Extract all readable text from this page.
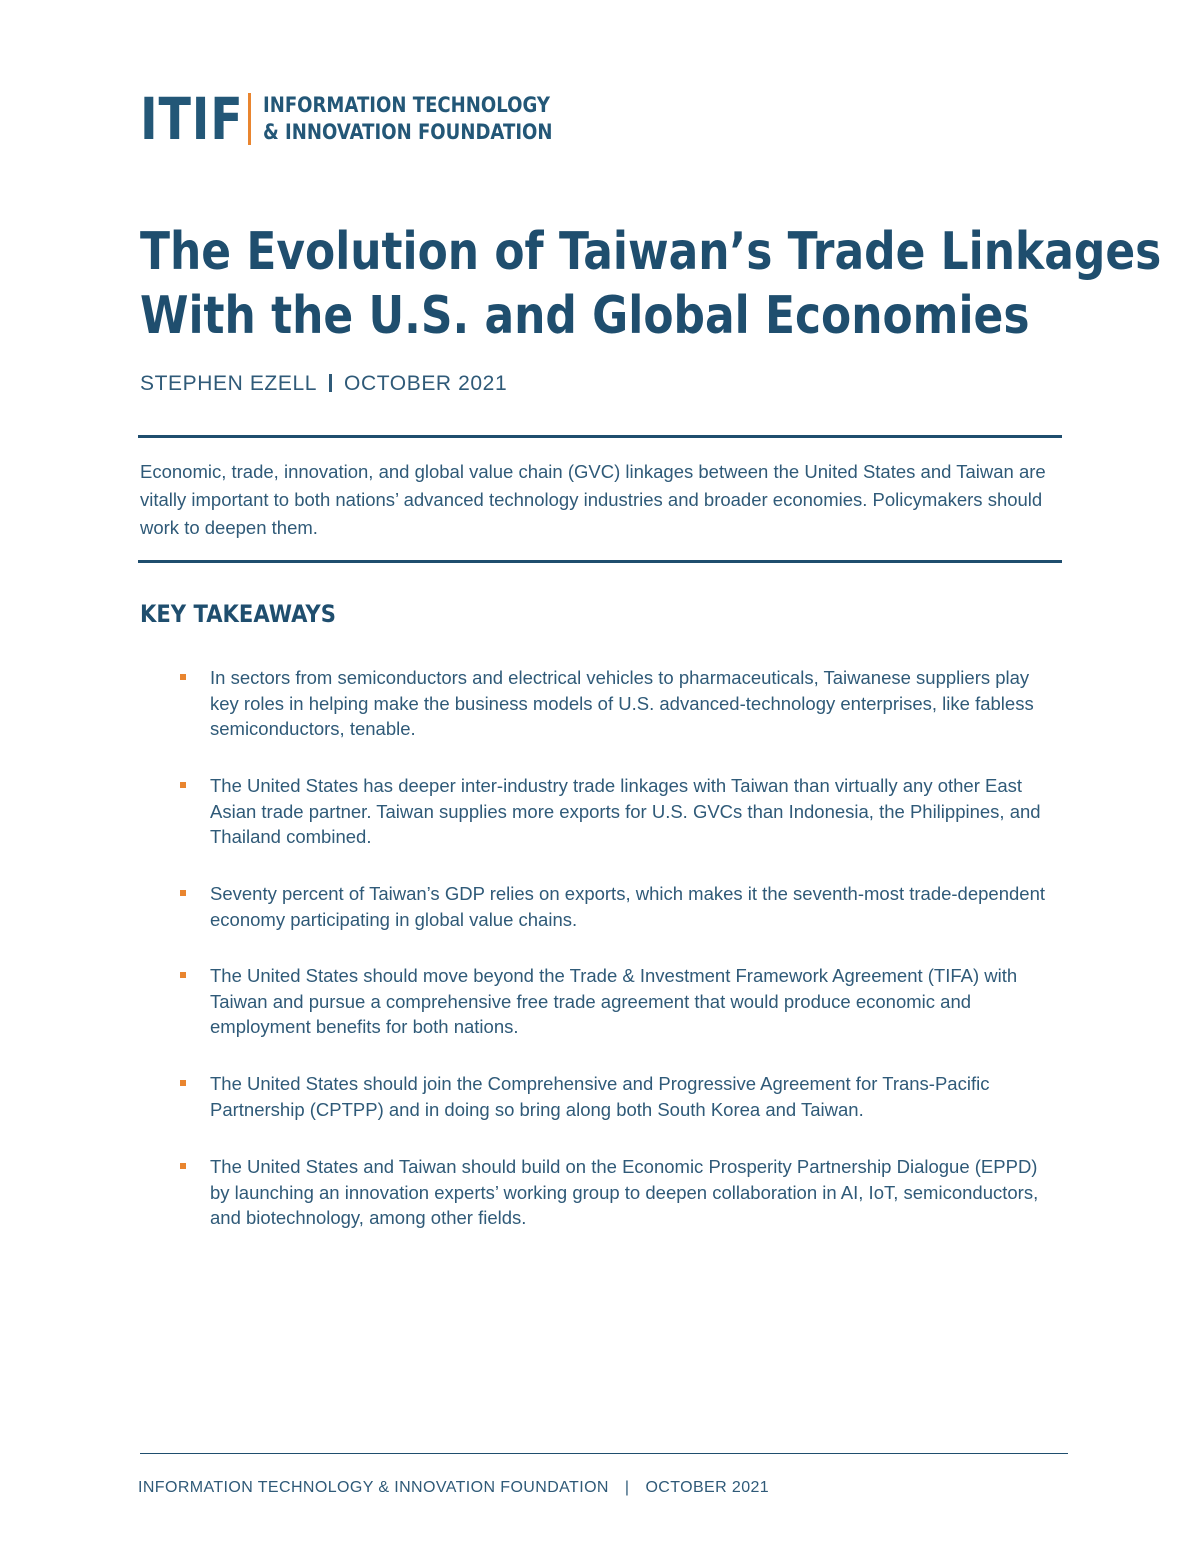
ITIF INFORMATION TECHNOLOGY
& INNOVATION FOUNDATION
The Evolution of Taiwan’s Trade Linkages
With the U.S. and Global Economies
STEPHEN EZELL OCTOBER 2021

Economic, trade, innovation, and global value chain (GVC) linkages between the United States and Taiwan are vitally important to both nations’ advanced technology industries and broader economies. Policymakers should work to deepen them.

KEY TAKEAWAYS
In sectors from semiconductors and electrical vehicles to pharmaceuticals, Taiwanese suppliers play key roles in helping make the business models of U.S. advanced-technology enterprises, like fabless semiconductors, tenable.
The United States has deeper inter-industry trade linkages with Taiwan than virtually any other East Asian trade partner. Taiwan supplies more exports for U.S. GVCs than Indonesia, the Philippines, and Thailand combined.
Seventy percent of Taiwan’s GDP relies on exports, which makes it the seventh-most trade-dependent economy participating in global value chains.
The United States should move beyond the Trade & Investment Framework Agreement (TIFA) with Taiwan and pursue a comprehensive free trade agreement that would produce economic and employment benefits for both nations.
The United States should join the Comprehensive and Progressive Agreement for Trans-Pacific Partnership (CPTPP) and in doing so bring along both South Korea and Taiwan.
The United States and Taiwan should build on the Economic Prosperity Partnership Dialogue (EPPD) by launching an innovation experts’ working group to deepen collaboration in AI, IoT, semiconductors, and biotechnology, among other fields.
INFORMATION TECHNOLOGY & INNOVATION FOUNDATION | OCTOBER 2021
